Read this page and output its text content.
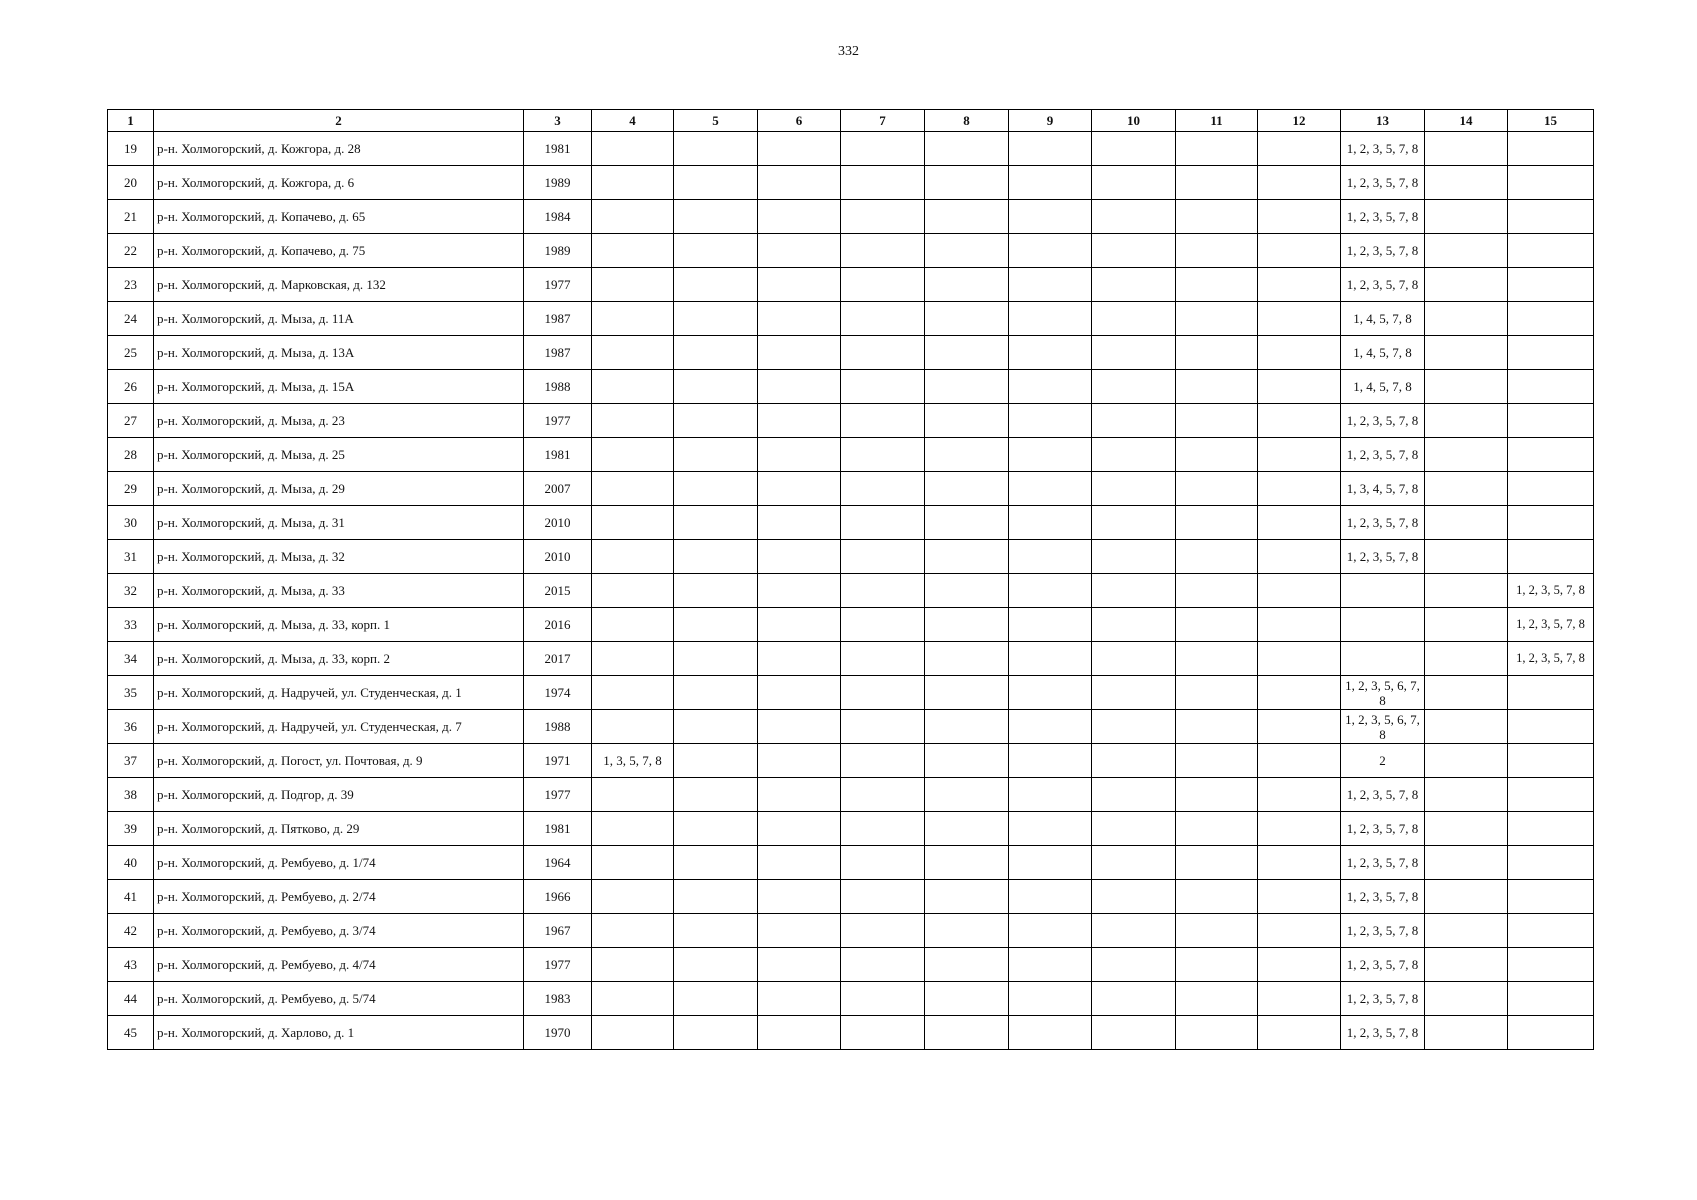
332
1	2	3	4	5	6	7	8	9	10	11	12	13	14	15
19	р-н. Холмогорский, д. Кожгора, д. 28	1981										1, 2, 3, 5, 7, 8		
20	р-н. Холмогорский, д. Кожгора, д. 6	1989										1, 2, 3, 5, 7, 8		
21	р-н. Холмогорский, д. Копачево, д. 65	1984										1, 2, 3, 5, 7, 8		
22	р-н. Холмогорский, д. Копачево, д. 75	1989										1, 2, 3, 5, 7, 8		
23	р-н. Холмогорский, д. Марковская, д. 132	1977										1, 2, 3, 5, 7, 8		
24	р-н. Холмогорский, д. Мыза, д. 11А	1987										1, 4, 5, 7, 8		
25	р-н. Холмогорский, д. Мыза, д. 13А	1987										1, 4, 5, 7, 8		
26	р-н. Холмогорский, д. Мыза, д. 15А	1988										1, 4, 5, 7, 8		
27	р-н. Холмогорский, д. Мыза, д. 23	1977										1, 2, 3, 5, 7, 8		
28	р-н. Холмогорский, д. Мыза, д. 25	1981										1, 2, 3, 5, 7, 8		
29	р-н. Холмогорский, д. Мыза, д. 29	2007										1, 3, 4, 5, 7, 8		
30	р-н. Холмогорский, д. Мыза, д. 31	2010										1, 2, 3, 5, 7, 8		
31	р-н. Холмогорский, д. Мыза, д. 32	2010										1, 2, 3, 5, 7, 8		
32	р-н. Холмогорский, д. Мыза, д. 33	2015												1, 2, 3, 5, 7, 8
33	р-н. Холмогорский, д. Мыза, д. 33, корп. 1	2016												1, 2, 3, 5, 7, 8
34	р-н. Холмогорский, д. Мыза, д. 33, корп. 2	2017												1, 2, 3, 5, 7, 8
35	р-н. Холмогорский, д. Надручей, ул. Студенческая, д. 1	1974										1, 2, 3, 5, 6, 7, 8		
36	р-н. Холмогорский, д. Надручей, ул. Студенческая, д. 7	1988										1, 2, 3, 5, 6, 7, 8		
37	р-н. Холмогорский, д. Погост, ул. Почтовая, д. 9	1971	1, 3, 5, 7, 8									2		
38	р-н. Холмогорский, д. Подгор, д. 39	1977										1, 2, 3, 5, 7, 8		
39	р-н. Холмогорский, д. Пятково, д. 29	1981										1, 2, 3, 5, 7, 8		
40	р-н. Холмогорский, д. Рембуево, д. 1/74	1964										1, 2, 3, 5, 7, 8		
41	р-н. Холмогорский, д. Рембуево, д. 2/74	1966										1, 2, 3, 5, 7, 8		
42	р-н. Холмогорский, д. Рембуево, д. 3/74	1967										1, 2, 3, 5, 7, 8		
43	р-н. Холмогорский, д. Рембуево, д. 4/74	1977										1, 2, 3, 5, 7, 8		
44	р-н. Холмогорский, д. Рембуево, д. 5/74	1983										1, 2, 3, 5, 7, 8		
45	р-н. Холмогорский, д. Харлово, д. 1	1970										1, 2, 3, 5, 7, 8		
